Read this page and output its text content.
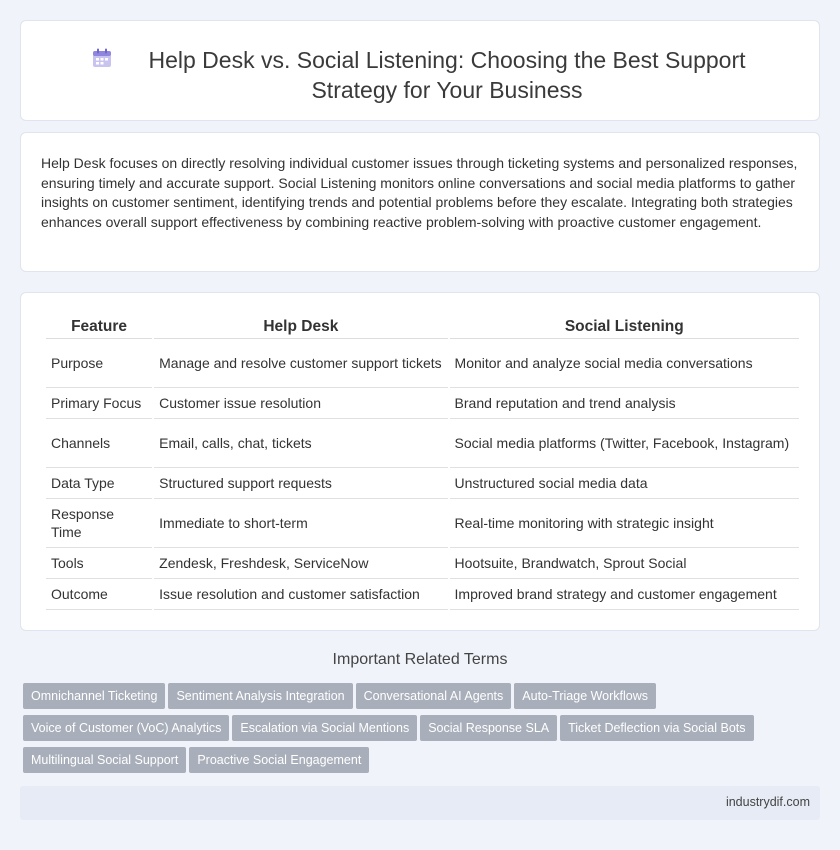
Help Desk vs. Social Listening: Choosing the Best Support Strategy for Your Business

Help Desk focuses on directly resolving individual customer issues through ticketing systems and personalized responses, ensuring timely and accurate support. Social Listening monitors online conversations and social media platforms to gather insights on customer sentiment, identifying trends and potential problems before they escalate. Integrating both strategies enhances overall support effectiveness by combining reactive problem-solving with proactive customer engagement.

Feature	Help Desk	Social Listening
Purpose	Manage and resolve customer support tickets	Monitor and analyze social media conversations
Primary Focus	Customer issue resolution	Brand reputation and trend analysis
Channels	Email, calls, chat, tickets	Social media platforms (Twitter, Facebook, Instagram)
Data Type	Structured support requests	Unstructured social media data
Response Time	Immediate to short-term	Real-time monitoring with strategic insight
Tools	Zendesk, Freshdesk, ServiceNow	Hootsuite, Brandwatch, Sprout Social
Outcome	Issue resolution and customer satisfaction	Improved brand strategy and customer engagement
Important Related Terms
Omnichannel Ticketing	Sentiment Analysis Integration	Conversational AI Agents	Auto-Triage Workflows
Voice of Customer (VoC) Analytics	Escalation via Social Mentions	Social Response SLA	Ticket Deflection via Social Bots
Multilingual Social Support	Proactive Social Engagement
industrydif.com
